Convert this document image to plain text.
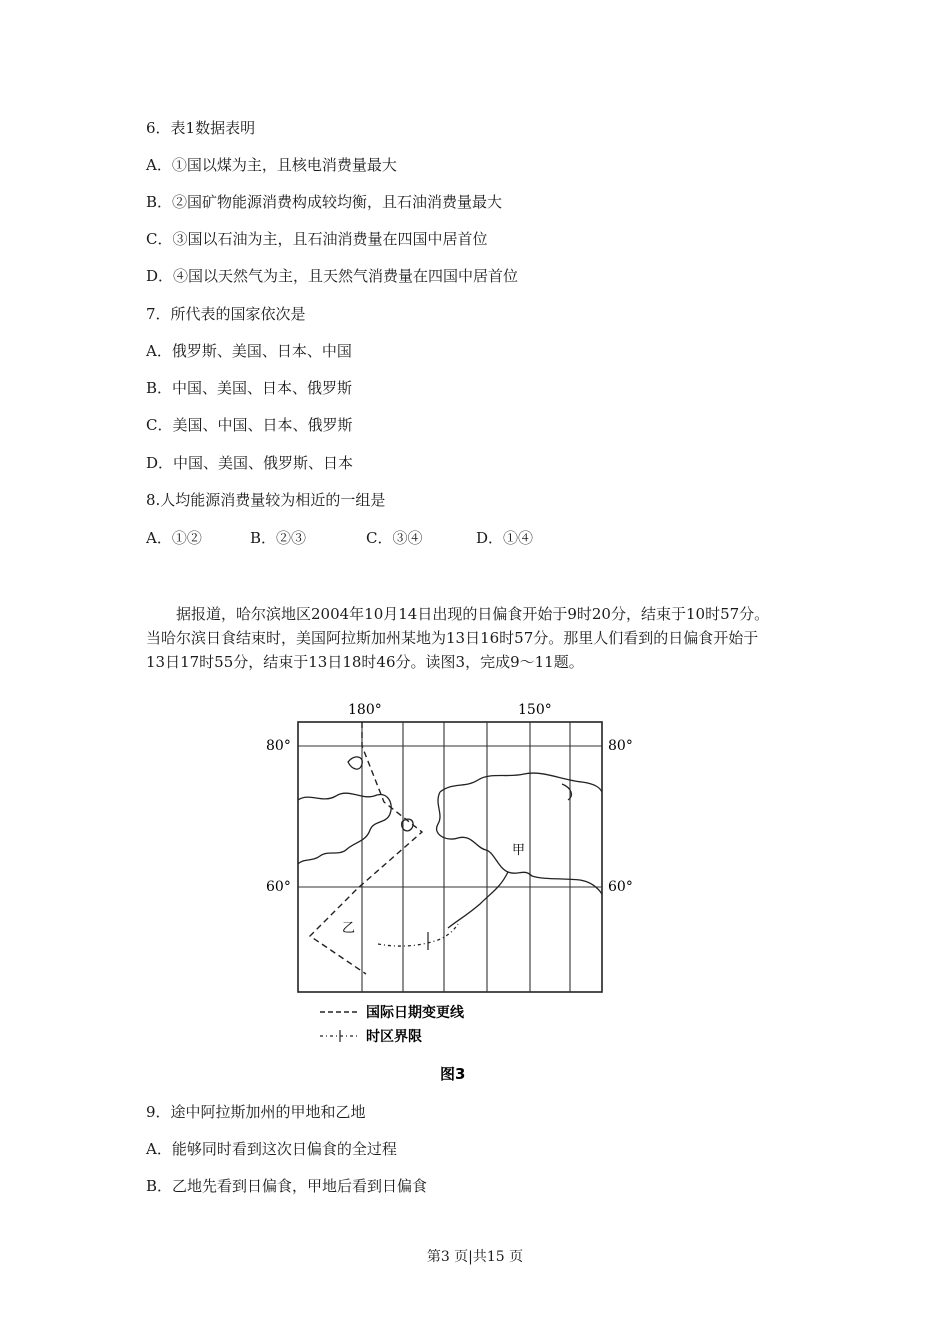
6．表1数据表明
A．①国以煤为主，且核电消费量最大
B．②国矿物能源消费构成较均衡，且石油消费量最大
C．③国以石油为主，且石油消费量在四国中居首位
D．④国以天然气为主，且天然气消费量在四国中居首位
7．所代表的国家依次是
A．俄罗斯、美国、日本、中国
B．中国、美国、日本、俄罗斯
C．美国、中国、日本、俄罗斯
D．中国、美国、俄罗斯、日本
8.人均能源消费量较为相近的一组是
A．①②	B．②③	C．③④	D．①④

据报道，哈尔滨地区2004年10月14日出现的日偏食开始于9时20分，结束于10时57分。

当哈尔滨日食结束时，美国阿拉斯加州某地为13日16时57分。那里人们看到的日偏食开始于

13日17时55分，结束于13日18时46分。读图3，完成9～11题。

180°	150°
80°	80°
60°	60°
甲
乙
国际日期变更线
时区界限
图3
9．途中阿拉斯加州的甲地和乙地
A．能够同时看到这次日偏食的全过程
B．乙地先看到日偏食，甲地后看到日偏食
第3 页|共15 页
